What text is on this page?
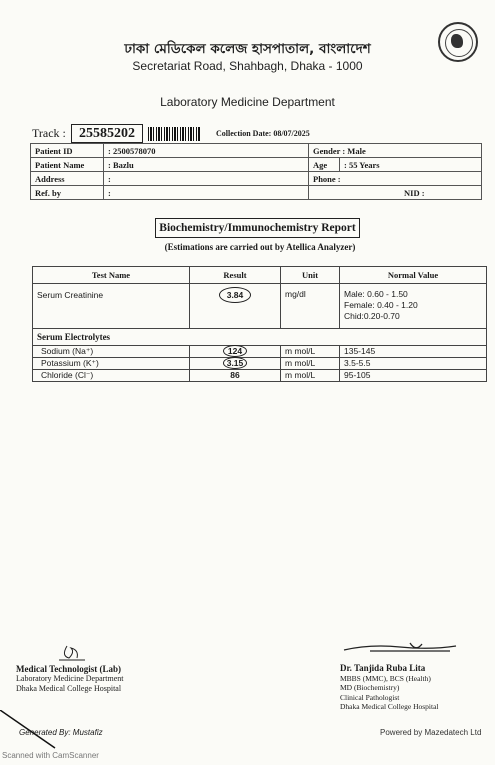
ঢাকা মেডিকেল কলেজ হাসপাতাল, বাংলাদেশ
Secretariat Road, Shahbagh, Dhaka - 1000
Laboratory Medicine Department
Track : 25585202	Collection Date: 08/07/2025
Patient ID	: 2500578070	Gender : Male	
Patient Name	: Bazlu	Age	: 55 Years
Address	:	Phone :	
Ref. by	:	NID :	
Biochemistry/Immunochemistry Report
(Estimations are carried out by Atellica Analyzer)
Test Name	Result	Unit	Normal Value
Serum Creatinine	3.84	mg/dl	Male: 0.60 - 1.50
Female: 0.40 - 1.20
Chid:0.20-0.70

Serum Electrolytes			
Sodium (Na⁺)	124	m mol/L	135-145
Potassium (K⁺)	3.15	m mol/L	3.5-5.5
Chloride (Cl⁻)	86	m mol/L	95-105
Medical Technologist (Lab)
Laboratory Medicine Department
Dhaka Medical College Hospital
Dr. Tanjida Ruba Lita
MBBS (MMC), BCS (Health)
MD (Biochemistry)
Clinical Pathologist
Dhaka Medical College Hospital
Generated By: Mustafiz	Powered by Mazedatech Ltd
Scanned with CamScanner
